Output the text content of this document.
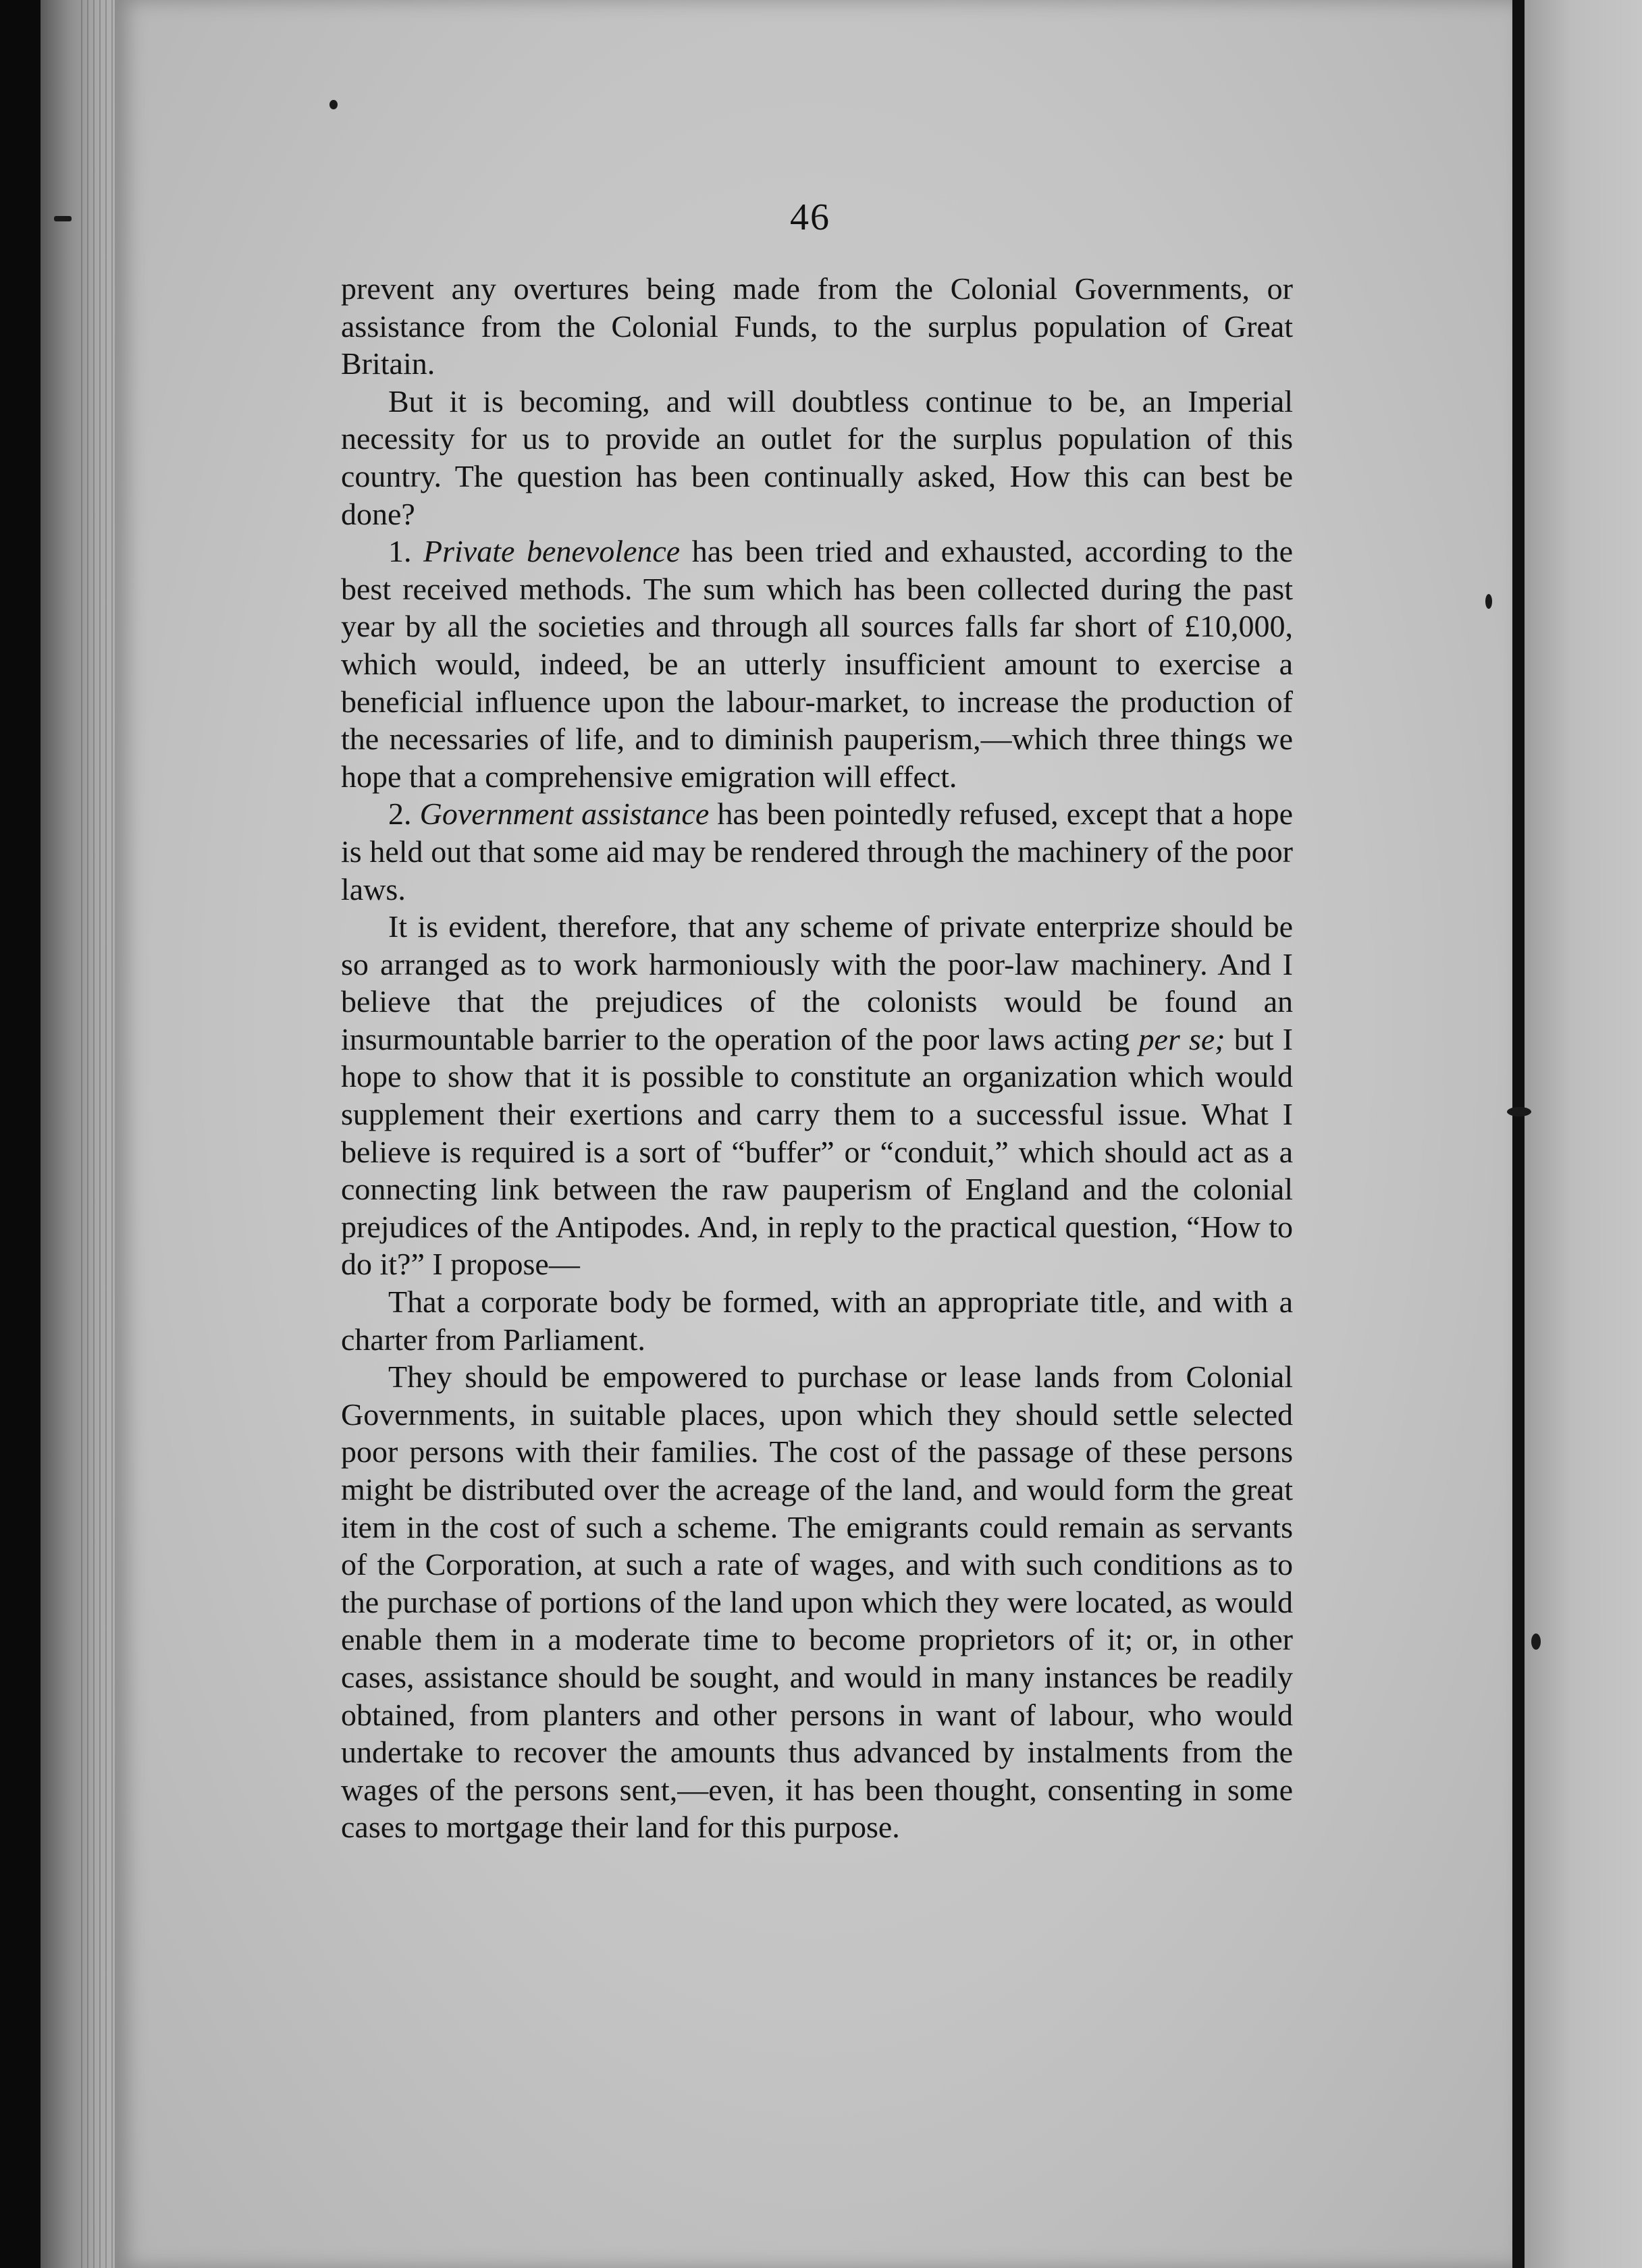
46

prevent any overtures being made from the Colonial Governments, or assistance from the Colonial Funds, to the surplus population of Great Britain.

But it is becoming, and will doubtless continue to be, an Imperial necessity for us to provide an outlet for the surplus population of this country. The question has been continually asked, How this can best be done?

1. Private benevolence has been tried and exhausted, according to the best received methods. The sum which has been collected during the past year by all the societies and through all sources falls far short of £10,000, which would, indeed, be an utterly insufficient amount to exercise a beneficial influence upon the labour-market, to increase the production of the necessaries of life, and to diminish pauperism,—which three things we hope that a comprehensive emigration will effect.

2. Government assistance has been pointedly refused, except that a hope is held out that some aid may be rendered through the machinery of the poor laws.

It is evident, therefore, that any scheme of private enterprize should be so arranged as to work harmoniously with the poor-law machinery. And I believe that the prejudices of the colonists would be found an insurmountable barrier to the operation of the poor laws acting per se; but I hope to show that it is possible to constitute an organization which would supplement their exertions and carry them to a successful issue. What I believe is required is a sort of “buffer” or “conduit,” which should act as a connecting link between the raw pauperism of England and the colonial prejudices of the Antipodes. And, in reply to the practical question, “How to do it?” I propose—

That a corporate body be formed, with an appropriate title, and with a charter from Parliament.

They should be empowered to purchase or lease lands from Colonial Governments, in suitable places, upon which they should settle selected poor persons with their families. The cost of the passage of these persons might be distributed over the acreage of the land, and would form the great item in the cost of such a scheme. The emigrants could remain as servants of the Corporation, at such a rate of wages, and with such conditions as to the purchase of portions of the land upon which they were located, as would enable them in a moderate time to become proprietors of it; or, in other cases, assistance should be sought, and would in many instances be readily obtained, from planters and other persons in want of labour, who would undertake to recover the amounts thus advanced by instalments from the wages of the persons sent,—even, it has been thought, consenting in some cases to mortgage their land for this purpose.
